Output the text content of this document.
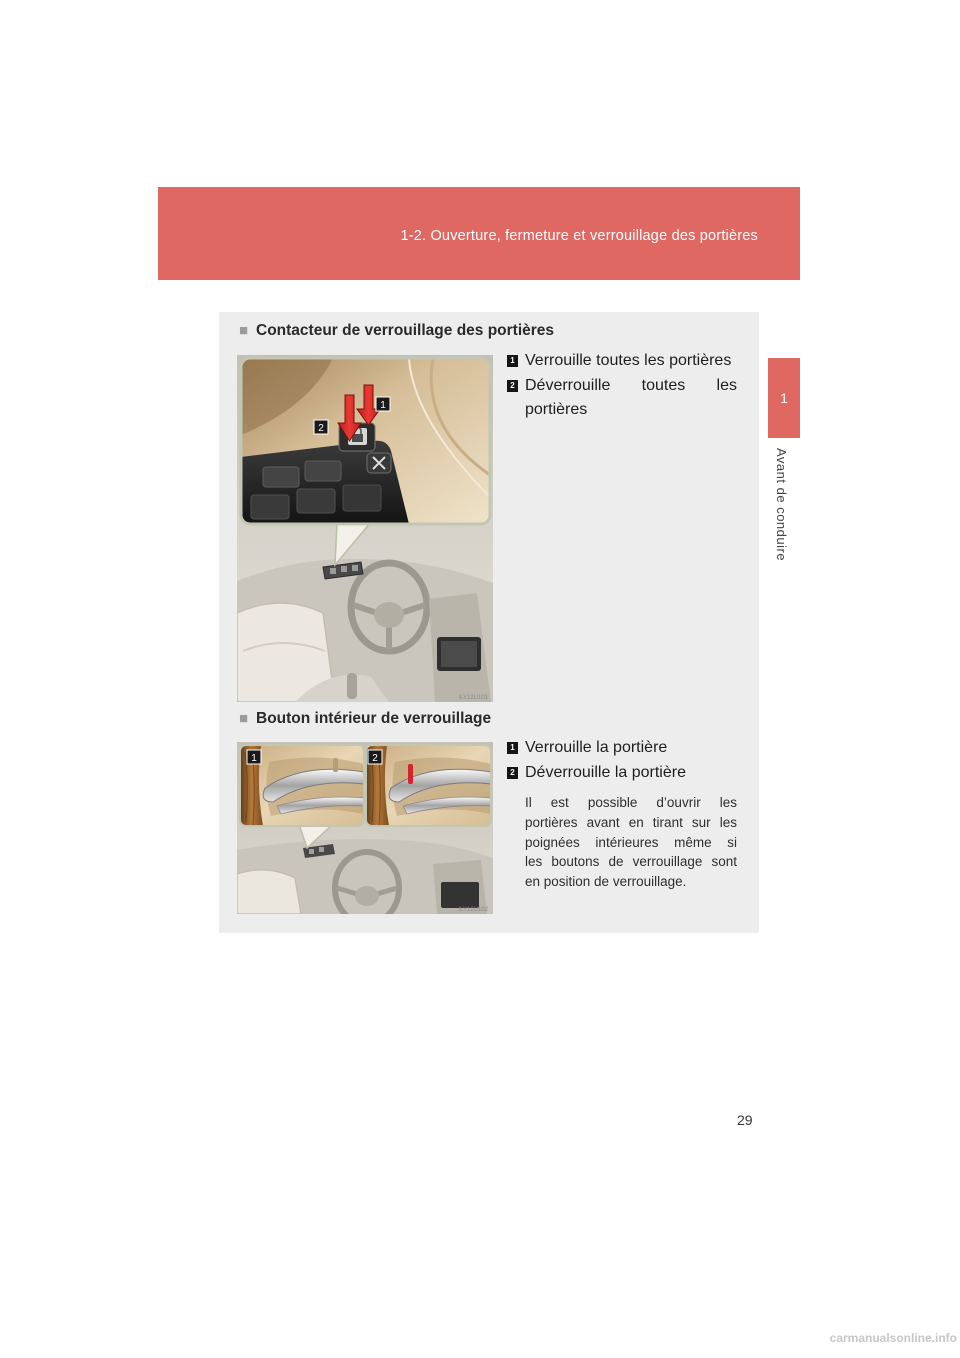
1-2. Ouverture, fermeture et verrouillage des portières
1
Avant de conduire
■ Contacteur de verrouillage des portières
1
2
ILY12U101
1 Verrouille toutes les portières
2 Déverrouille toutes les portières
■ Bouton intérieur de verrouillage
1	2
ILY12U102
1 Verrouille la portière
2 Déverrouille la portière
Il est possible d’ouvrir les
portières avant en tirant sur les
poignées intérieures même si
les boutons de verrouillage sont
en position de verrouillage.
29
carmanualsonline.info
